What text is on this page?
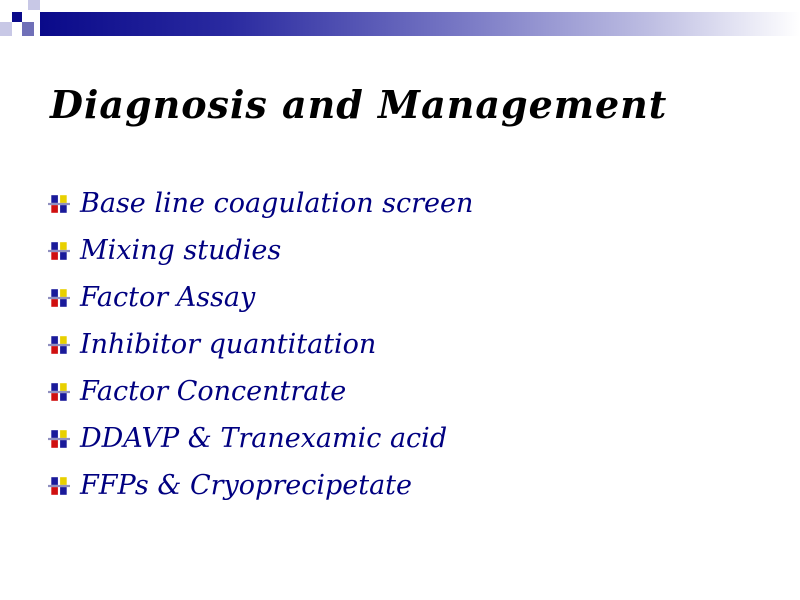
Diagnosis and Management
Base line coagulation screen
Mixing studies
Factor Assay
Inhibitor quantitation
Factor Concentrate
DDAVP & Tranexamic acid
FFPs & Cryoprecipetate
